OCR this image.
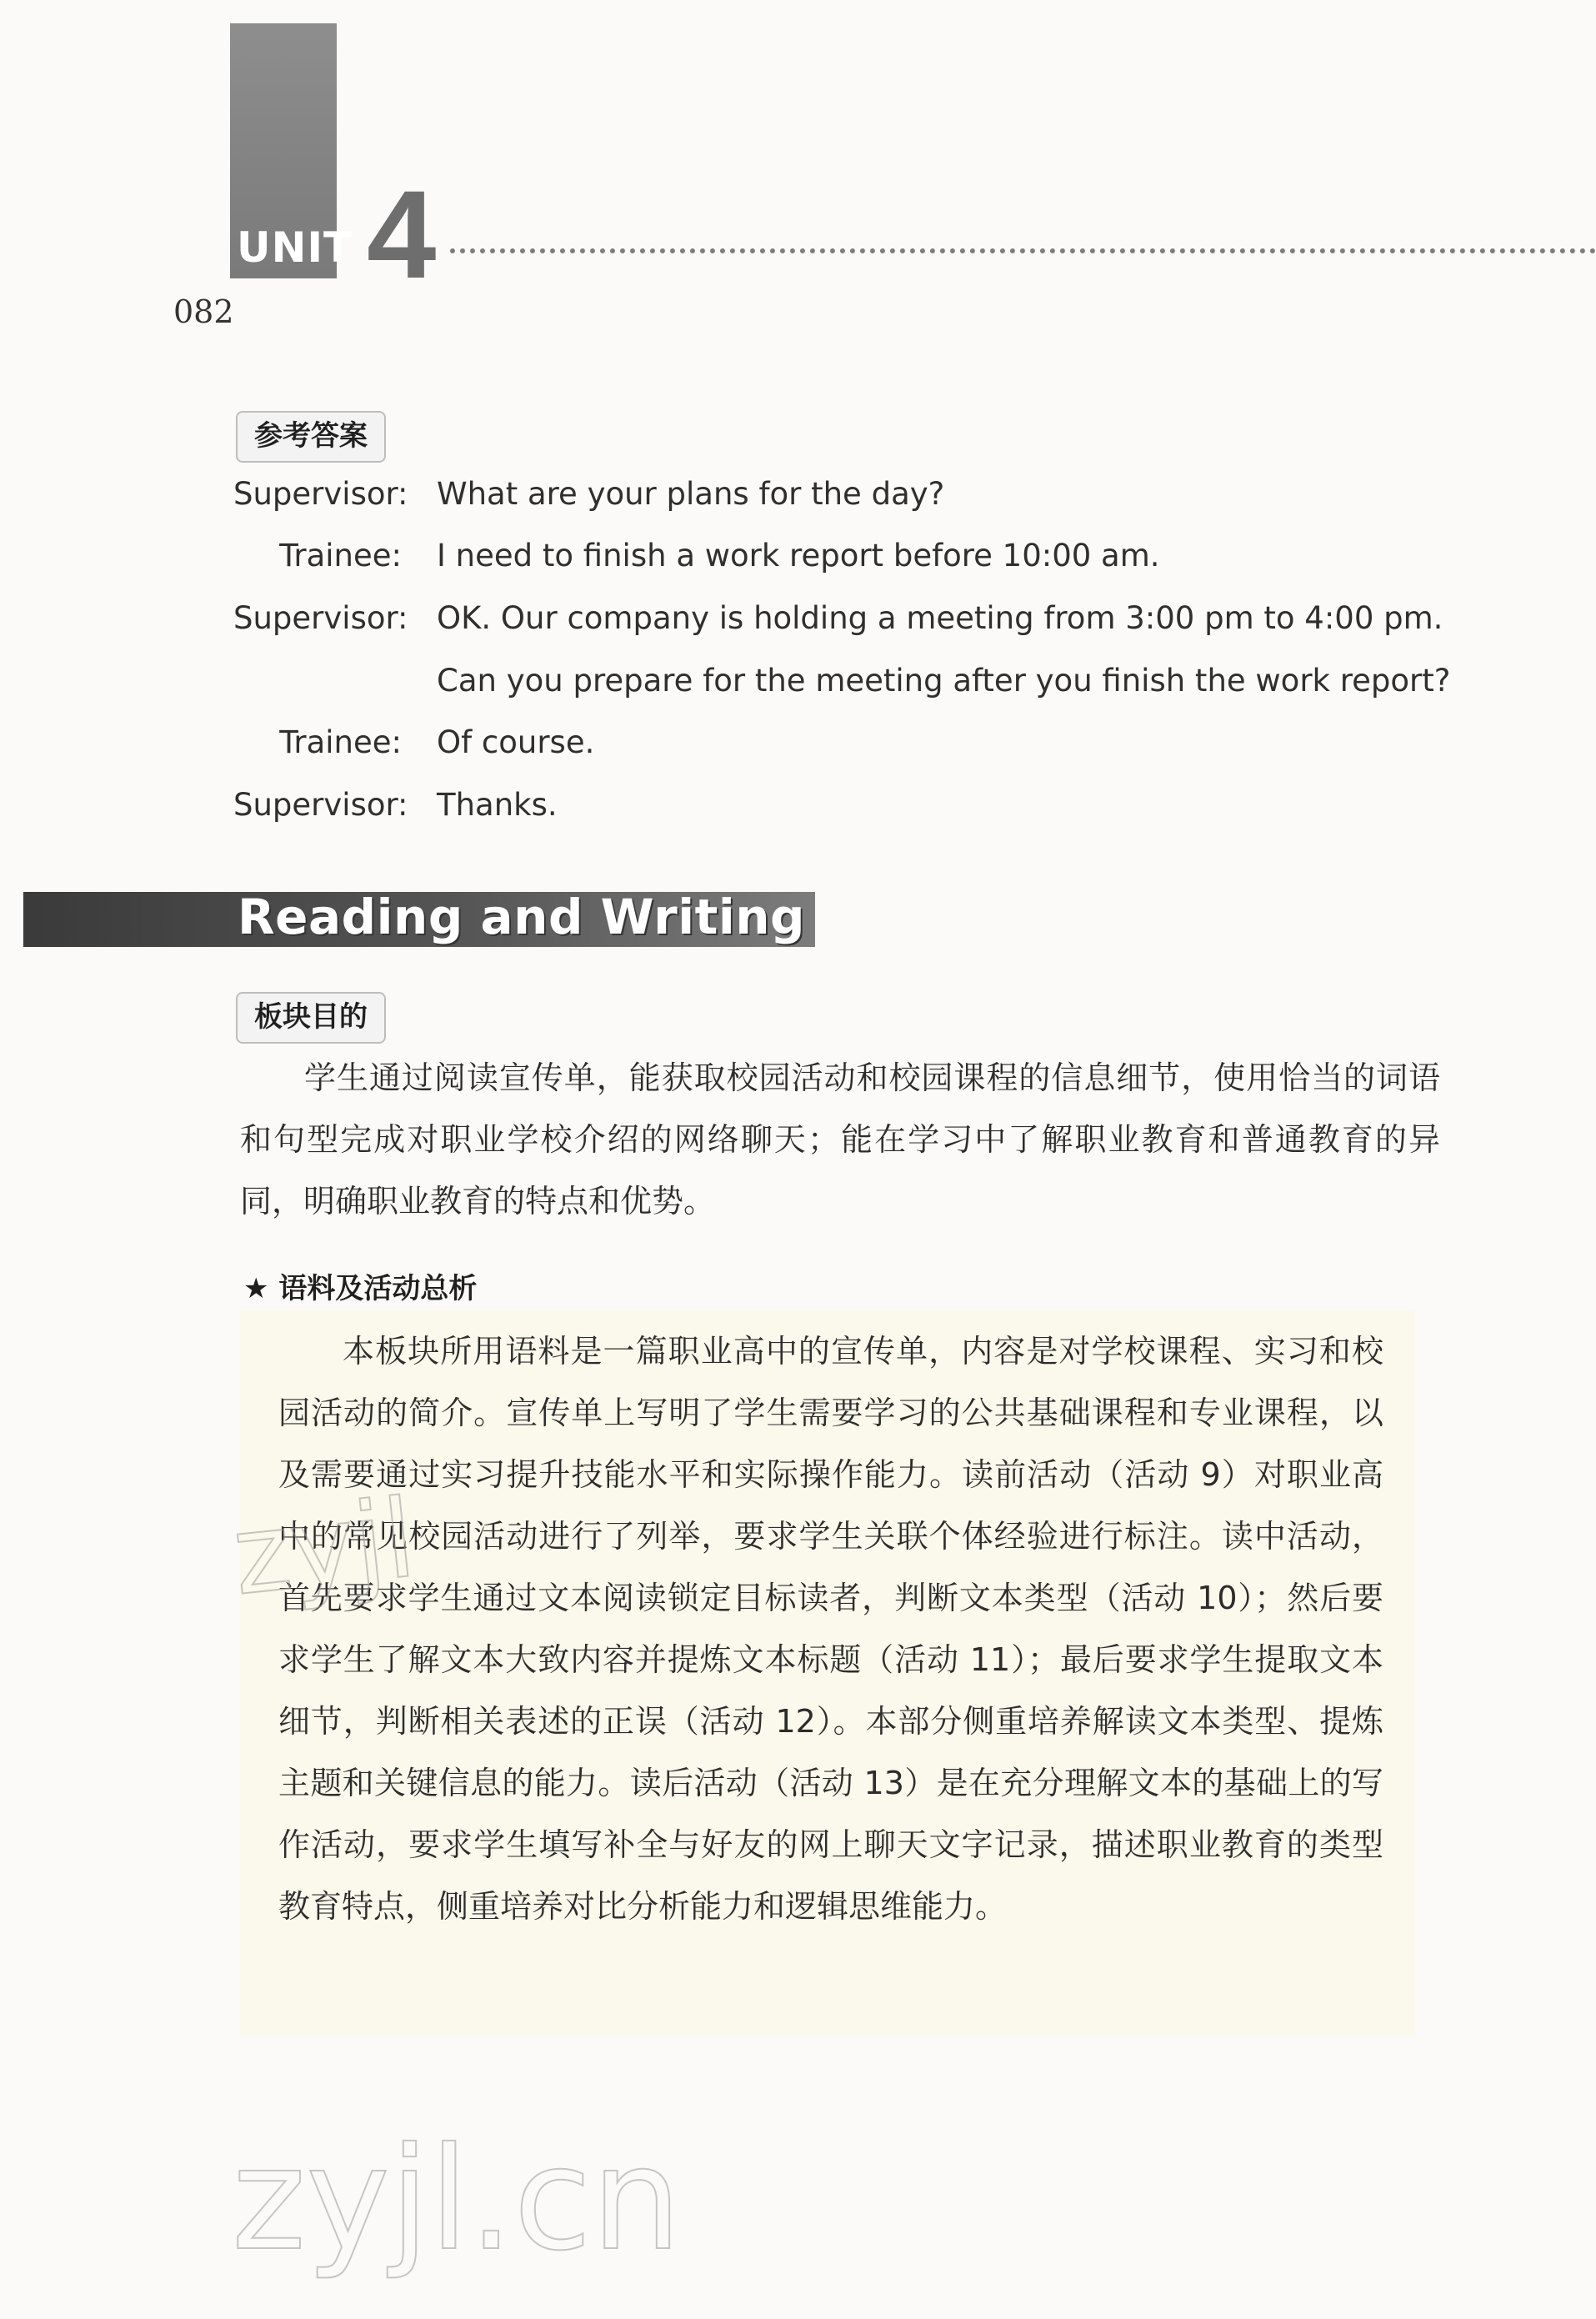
UNIT 4
082
参考答案
Supervisor: What are your plans for the day?
Trainee: I need to finish a work report before 10:00 am.
Supervisor: OK. Our company is holding a meeting from 3:00 pm to 4:00 pm.
Can you prepare for the meeting after you finish the work report?
Trainee: Of course.
Supervisor: Thanks.
Reading and Writing
板块目的
学生通过阅读宣传单，能获取校园活动和校园课程的信息细节，使用恰当的词语和句型完成对职业学校介绍的网络聊天；能在学习中了解职业教育和普通教育的异同，明确职业教育的特点和优势。
★ 语料及活动总析
本板块所用语料是一篇职业高中的宣传单，内容是对学校课程、实习和校园活动的简介。宣传单上写明了学生需要学习的公共基础课程和专业课程，以及需要通过实习提升技能水平和实际操作能力。读前活动（活动 9）对职业高中的常见校园活动进行了列举，要求学生关联个体经验进行标注。读中活动，首先要求学生通过文本阅读锁定目标读者，判断文本类型（活动 10）；然后要求学生了解文本大致内容并提炼文本标题（活动 11）；最后要求学生提取文本细节，判断相关表述的正误（活动 12）。本部分侧重培养解读文本类型、提炼主题和关键信息的能力。读后活动（活动 13）是在充分理解文本的基础上的写作活动，要求学生填写补全与好友的网上聊天文字记录，描述职业教育的类型教育特点，侧重培养对比分析能力和逻辑思维能力。
zyjl
zyjl.cn
